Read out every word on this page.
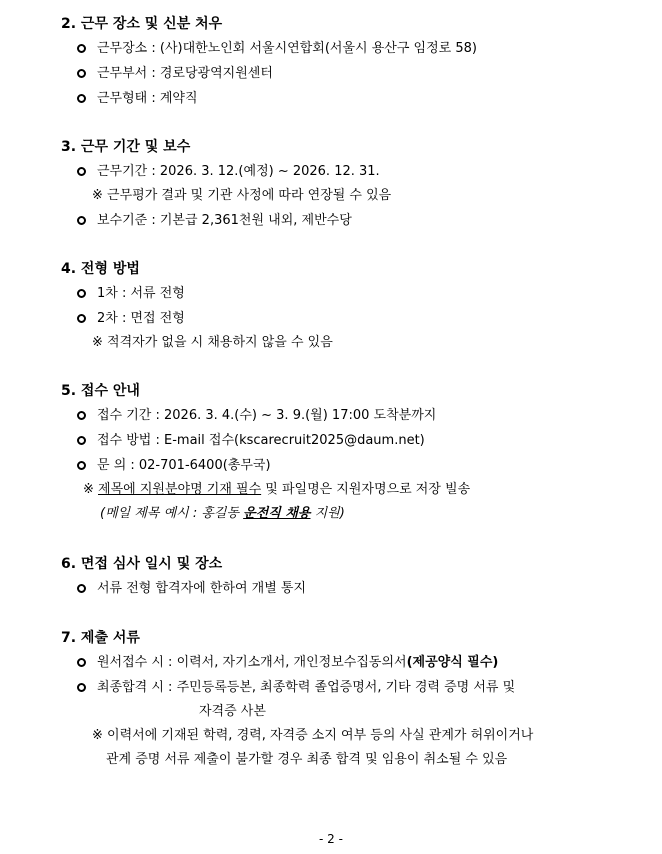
2. 근무 장소 및 신분 처우
근무장소 : (사)대한노인회 서울시연합회(서울시 용산구 임정로 58)
근무부서 : 경로당광역지원센터
근무형태 : 계약직
3. 근무 기간 및 보수
근무기간 : 2026. 3. 12.(예정) ~ 2026. 12. 31.
※ 근무평가 결과 및 기관 사정에 따라 연장될 수 있음
보수기준 : 기본급 2,361천원 내외, 제반수당
4. 전형 방법
1차 : 서류 전형
2차 : 면접 전형
※ 적격자가 없을 시 채용하지 않을 수 있음
5. 접수 안내
접수 기간 : 2026. 3. 4.(수) ~ 3. 9.(월) 17:00 도착분까지
접수 방법 : E-mail 접수(kscarecruit2025@daum.net)
문 의 : 02-701-6400(총무국)
※ 제목에 지원분야명 기재 필수 및 파일명은 지원자명으로 저장 빌송
(메일 제목 예시 : 홍길동 운전직 채용 지원)
6. 면접 심사 일시 및 장소
서류 전형 합격자에 한하여 개별 통지
7. 제출 서류
원서접수 시 : 이력서, 자기소개서, 개인정보수집동의서(제공양식 필수)
최종합격 시 : 주민등록등본, 최종학력 졸업증명서, 기타 경력 증명 서류 및
자격증 사본
※ 이력서에 기재된 학력, 경력, 자격증 소지 여부 등의 사실 관계가 허위이거나
관계 증명 서류 제출이 불가할 경우 최종 합격 및 임용이 취소될 수 있음
- 2 -
